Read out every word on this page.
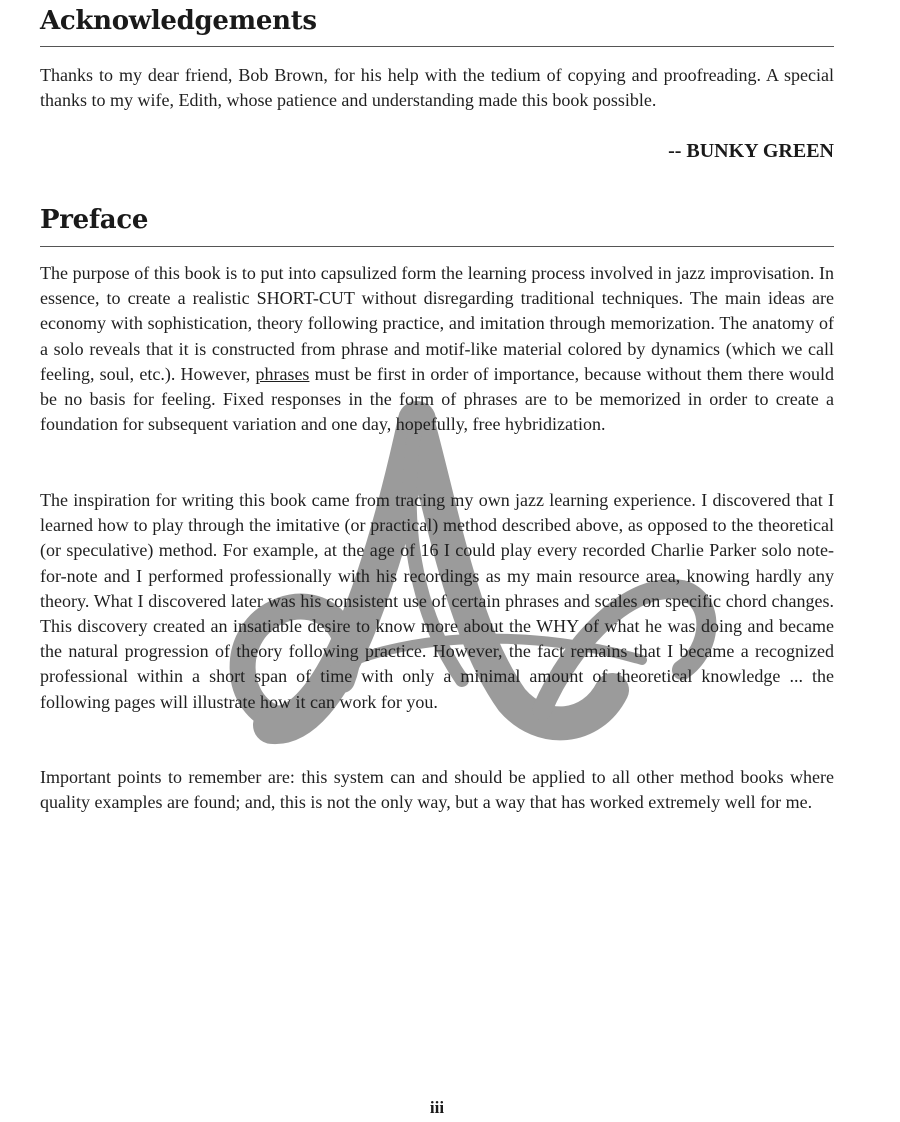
Acknowledgements

Thanks to my dear friend, Bob Brown, for his help with the tedium of copying and proofreading. A special thanks to my wife, Edith, whose patience and understanding made this book possible.

-- BUNKY GREEN
Preface

The purpose of this book is to put into capsulized form the learning process involved in jazz improvisation. In essence, to create a realistic SHORT-CUT without disregarding traditional techniques. The main ideas are economy with sophistication, theory following practice, and imitation through memorization. The anatomy of a solo reveals that it is constructed from phrase and motif-like material colored by dynamics (which we call feeling, soul, etc.). However, phrases must be first in order of importance, because without them there would be no basis for feeling. Fixed responses in the form of phrases are to be memorized in order to create a foundation for subsequent variation and one day, hopefully, free hybridization.

The inspiration for writing this book came from tracing my own jazz learning experience. I discovered that I learned how to play through the imitative (or practical) method described above, as opposed to the theoretical (or speculative) method. For example, at the age of 16 I could play every recorded Charlie Parker solo note-for-note and I performed professionally with his recordings as my main resource area, knowing hardly any theory. What I discovered later was his consistent use of certain phrases and scales on specific chord changes. This discovery created an insatiable desire to know more about the WHY of what he was doing and became the natural progression of theory following practice. However, the fact remains that I became a recognized professional within a short span of time with only a minimal amount of theoretical knowledge ... the following pages will illustrate how it can work for you.

Important points to remember are: this system can and should be applied to all other method books where quality examples are found; and, this is not the only way, but a way that has worked extremely well for me.

iii
